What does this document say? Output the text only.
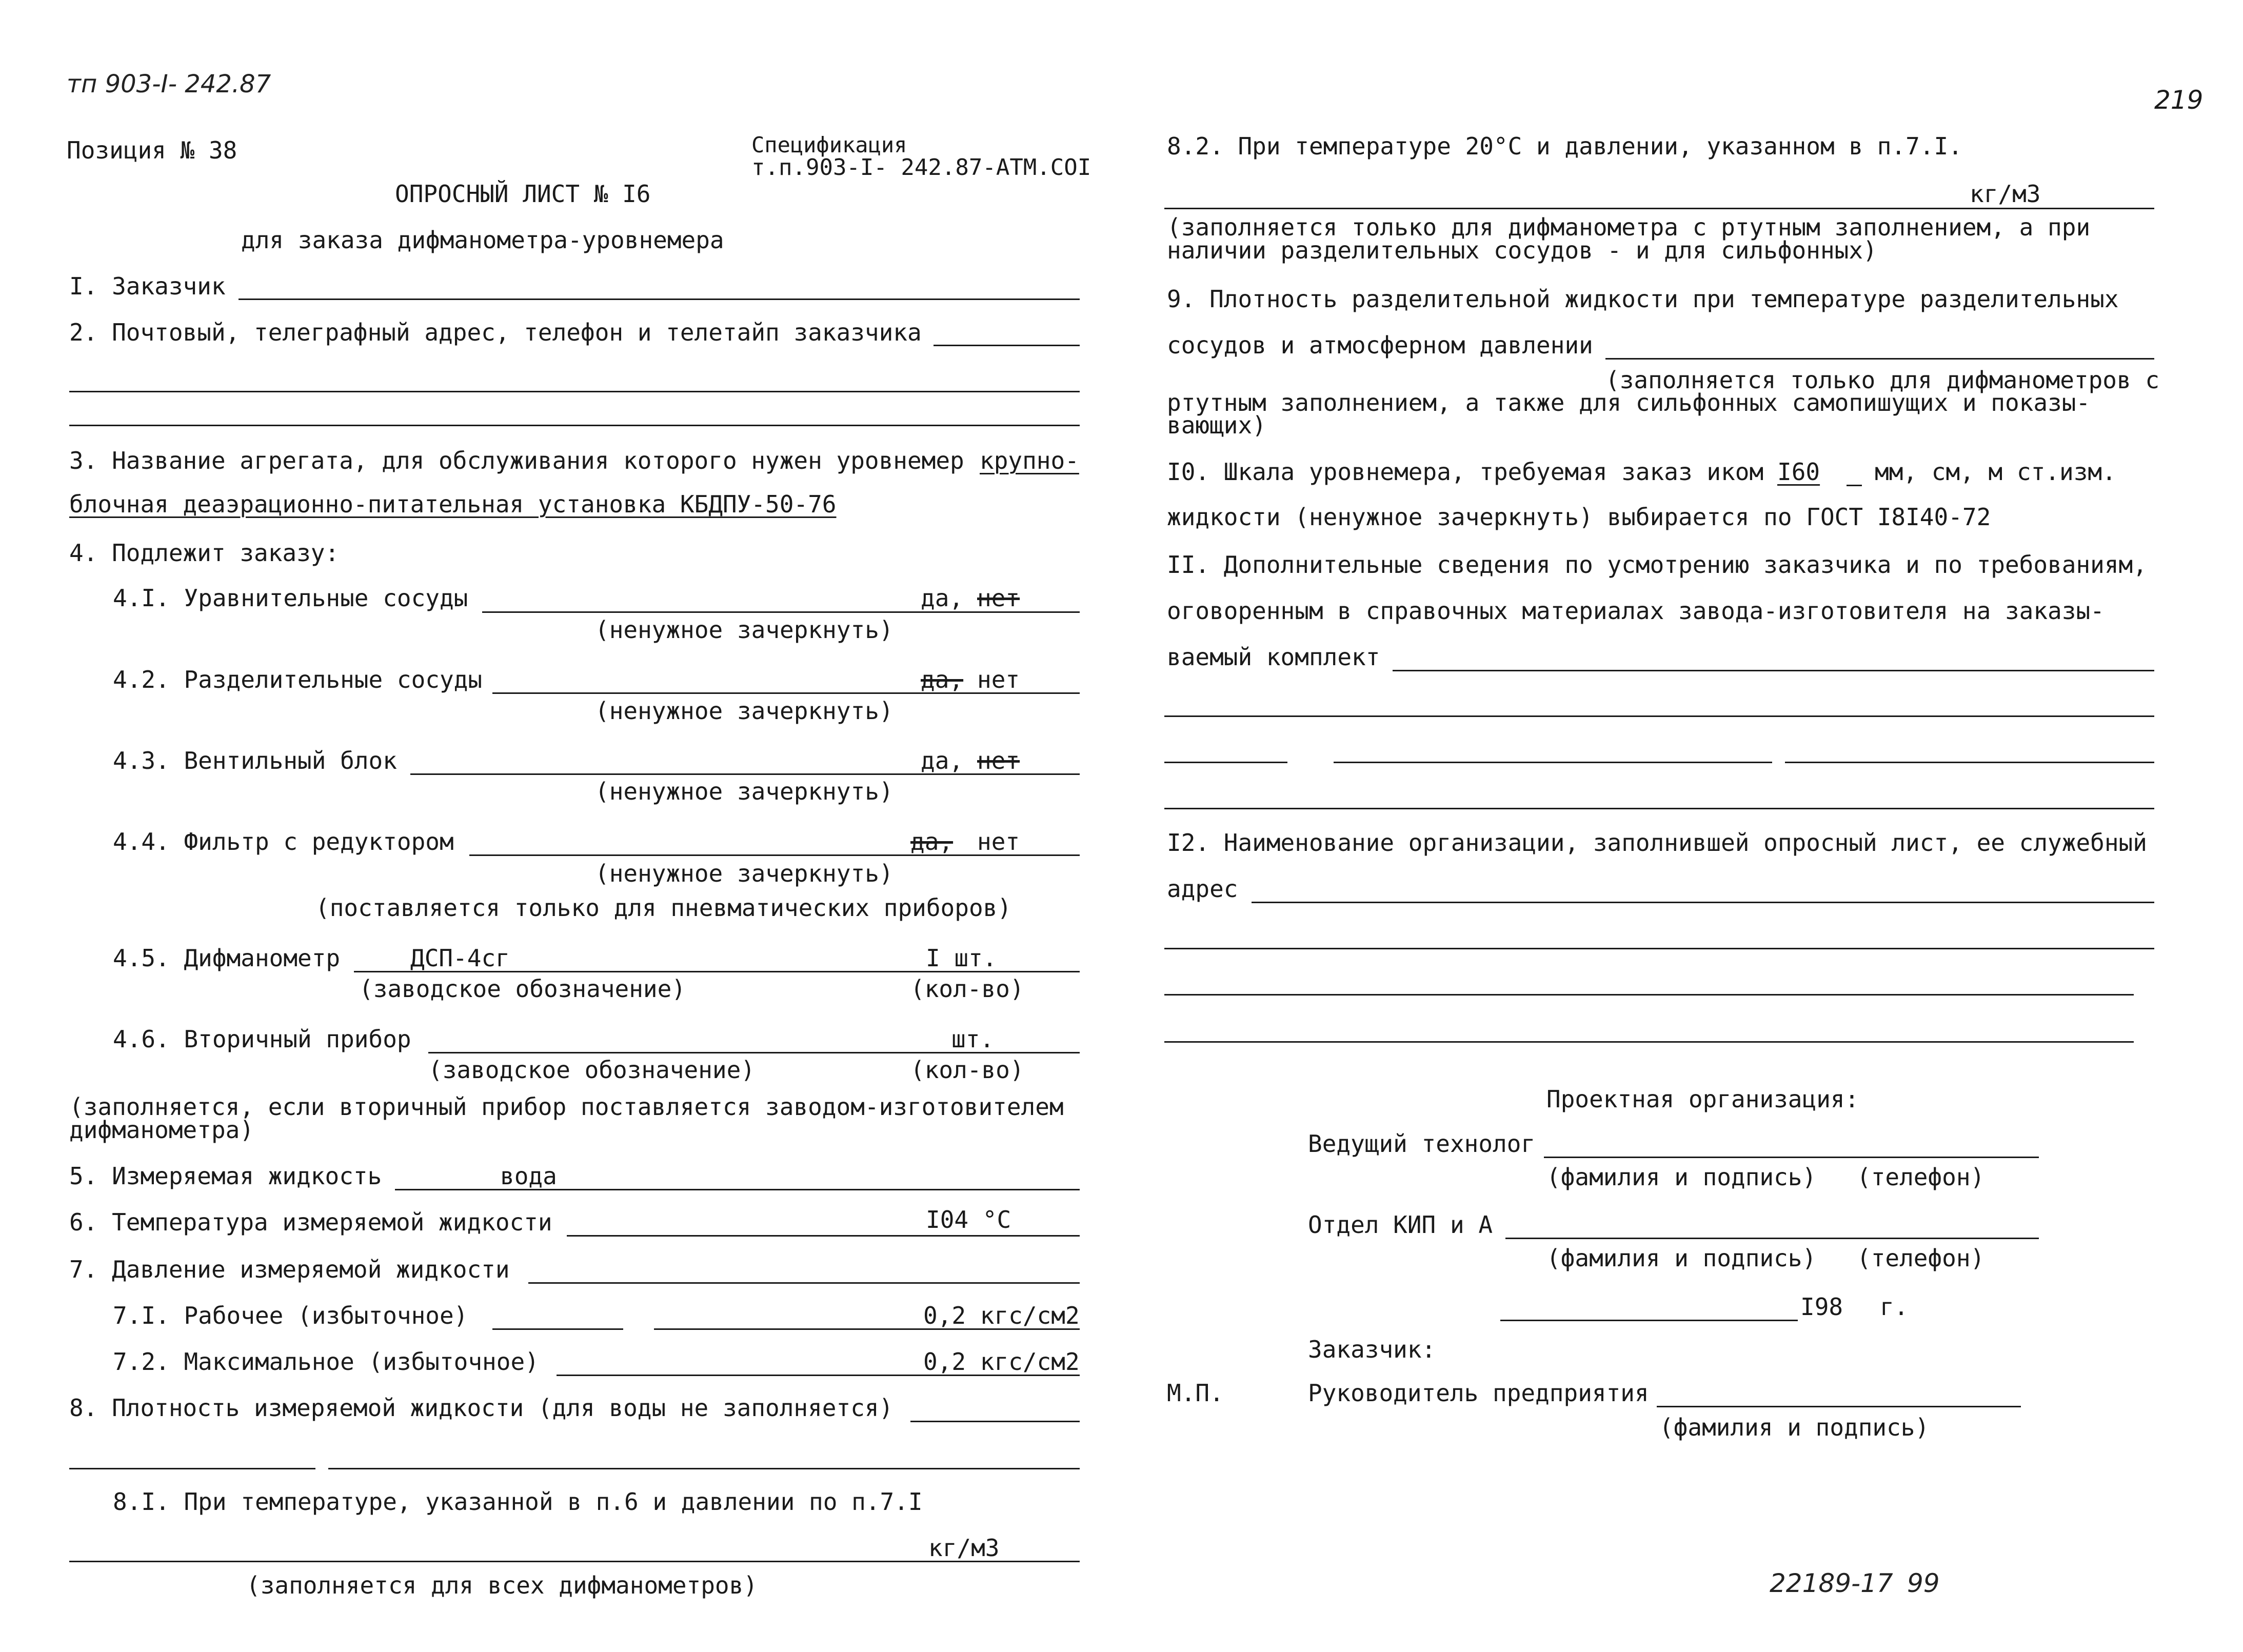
тп 903-I- 242.87
219
Позиция № 38	Спецификация
т.п.903-I- 242.87-АТМ.СОI
ОПРОСНЫЙ ЛИСТ № I6
для заказа дифманометра-уровнемера
I. Заказчик
2. Почтовый, телеграфный адрес, телефон и телетайп заказчика
3. Название агрегата, для обслуживания которого нужен уровнемер крупно-
блочная деаэрационно-питательная установка КБДПУ-50-76
4. Подлежит заказу:
4.I. Уравнительные сосуды	да, нет
(ненужное зачеркнуть)
4.2. Разделительные сосуды	да, нет
(ненужное зачеркнуть)
4.3. Вентильный блок	да, нет
(ненужное зачеркнуть)
4.4. Фильтр с редуктором	да, нет
(ненужное зачеркнуть)
(поставляется только для пневматических приборов)
4.5. Дифманометр	ДСП-4сг	I шт.
(заводское обозначение)	(кол-во)
4.6. Вторичный прибор	шт.
(заводское обозначение)	(кол-во)
(заполняется, если вторичный прибор поставляется заводом-изготовителем
дифманометра)
5. Измеряемая жидкость	вода
6. Температура измеряемой жидкости	I04 °С
7. Давление измеряемой жидкости
7.I. Рабочее (избыточное)	0,2 кгс/см2
7.2. Максимальное (избыточное)	0,2 кгс/см2
8. Плотность измеряемой жидкости (для воды не заполняется)
8.I. При температуре, указанной в п.6 и давлении по п.7.I
кг/м3
(заполняется для всех дифманометров)
8.2. При температуре 20°С и давлении, указанном в п.7.I.
кг/м3
(заполняется только для дифманометра с ртутным заполнением, а при
наличии разделительных сосудов - и для сильфонных)
9. Плотность разделительной жидкости при температуре разделительных
сосудов и атмосферном давлении
(заполняется только для дифманометров с
ртутным заполнением, а также для сильфонных самопишущих и показы-
вающих)
I0. Шкала уровнемера, требуемая заказ иком I60 мм, см, м ст.изм.
жидкости (ненужное зачеркнуть) выбирается по ГОСТ I8I40-72
II. Дополнительные сведения по усмотрению заказчика и по требованиям,
оговоренным в справочных материалах завода-изготовителя на заказы-
ваемый комплект
I2. Наименование организации, заполнившей опросный лист, ее служебный
адрес
Проектная организация:
Ведущий технолог
(фамилия и подпись) (телефон)
Отдел КИП и А
(фамилия и подпись) (телефон)
I98 г.
Заказчик:
М.П.	Руководитель предприятия
(фамилия и подпись)
22189-17 99
